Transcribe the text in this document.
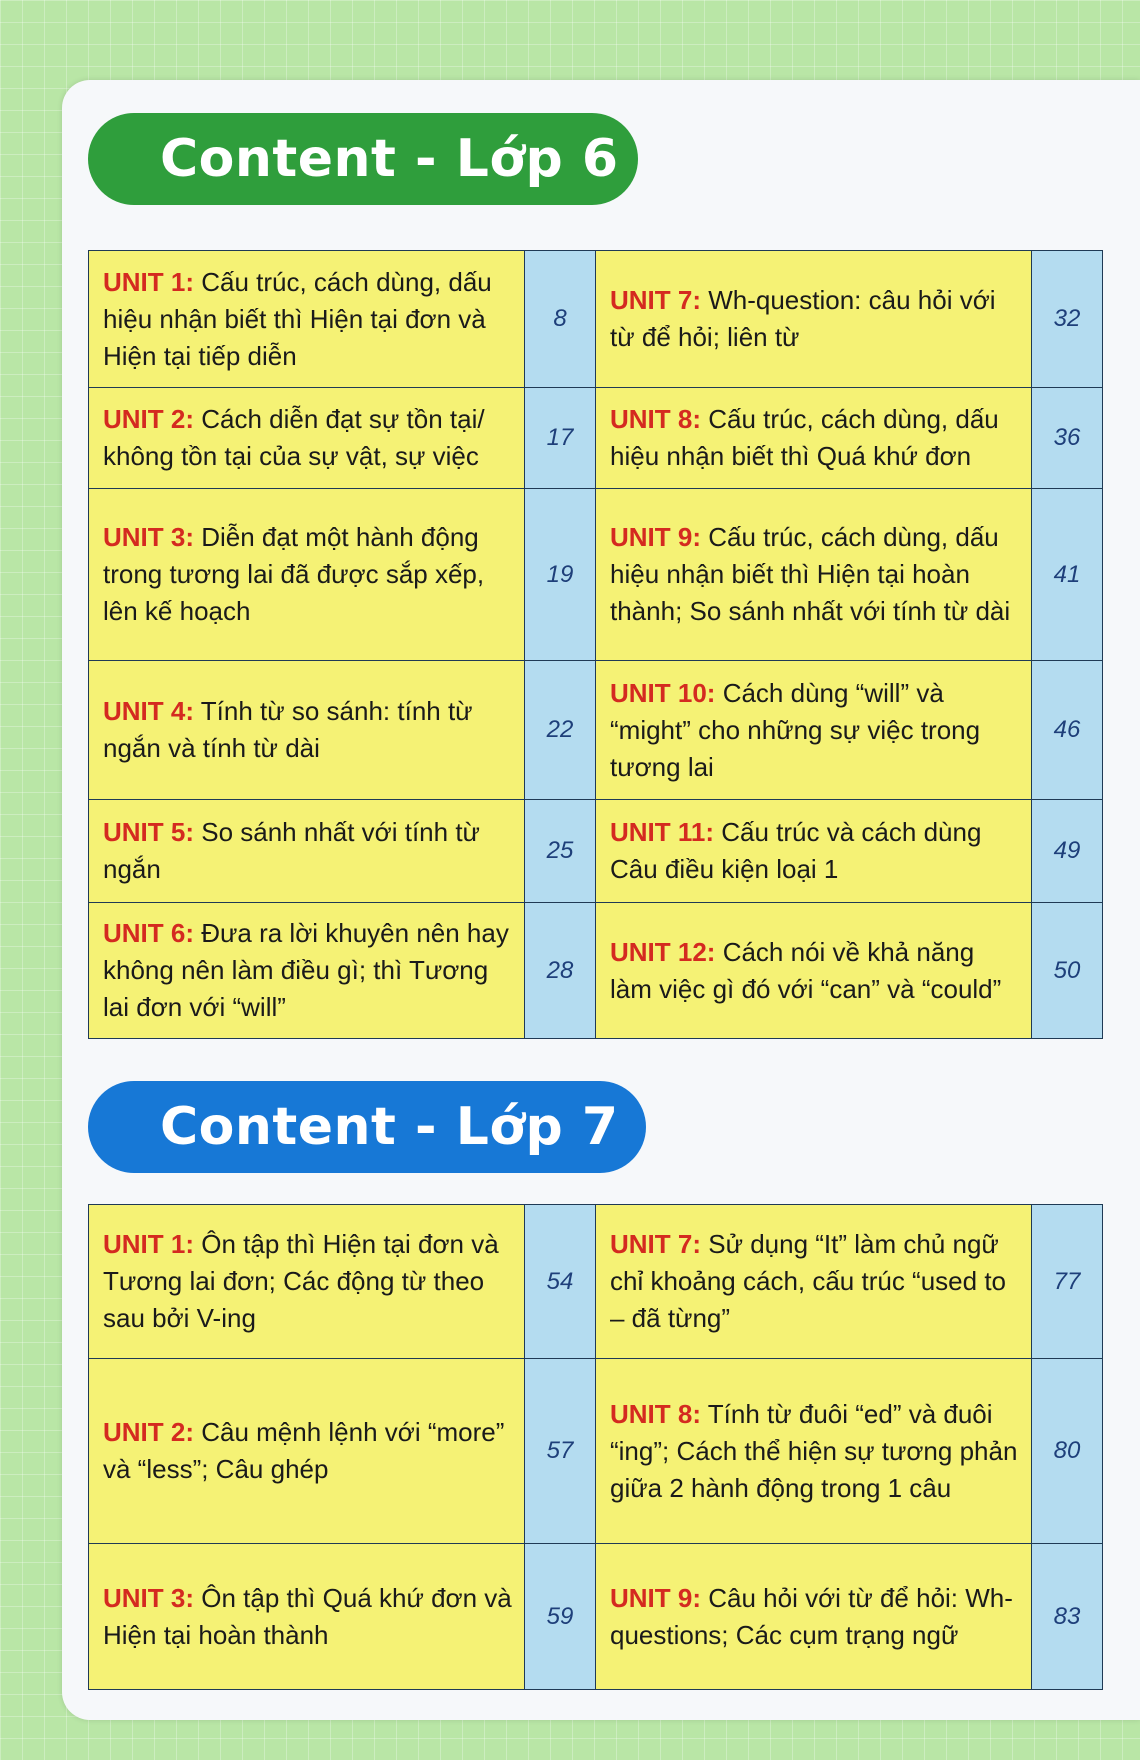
Content - Lớp 6
UNIT 1: Cấu trúc, cách dùng, dấu hiệu nhận biết thì Hiện tại đơn và Hiện tại tiếp diễn	8	UNIT 7: Wh-question: câu hỏi với từ để hỏi; liên từ	32
UNIT 2: Cách diễn đạt sự tồn tại/ không tồn tại của sự vật, sự việc	17	UNIT 8: Cấu trúc, cách dùng, dấu hiệu nhận biết thì Quá khứ đơn	36
UNIT 3: Diễn đạt một hành động trong tương lai đã được sắp xếp, lên kế hoạch	19	UNIT 9: Cấu trúc, cách dùng, dấu hiệu nhận biết thì Hiện tại hoàn thành; So sánh nhất với tính từ dài	41
UNIT 4: Tính từ so sánh: tính từ ngắn và tính từ dài	22	UNIT 10: Cách dùng “will” và “might” cho những sự việc trong tương lai	46
UNIT 5: So sánh nhất với tính từ ngắn	25	UNIT 11: Cấu trúc và cách dùng Câu điều kiện loại 1	49
UNIT 6: Đưa ra lời khuyên nên hay không nên làm điều gì; thì Tương lai đơn với “will”	28	UNIT 12: Cách nói về khả năng làm việc gì đó với “can” và “could”	50
Content - Lớp 7
UNIT 1: Ôn tập thì Hiện tại đơn và Tương lai đơn; Các động từ theo sau bởi V-ing	54	UNIT 7: Sử dụng “It” làm chủ ngữ chỉ khoảng cách, cấu trúc “used to – đã từng”	77
UNIT 2: Câu mệnh lệnh với “more” và “less”; Câu ghép	57	UNIT 8: Tính từ đuôi “ed” và đuôi “ing”; Cách thể hiện sự tương phản giữa 2 hành động trong 1 câu	80
UNIT 3: Ôn tập thì Quá khứ đơn và Hiện tại hoàn thành	59	UNIT 9: Câu hỏi với từ để hỏi: Wh-questions; Các cụm trạng ngữ	83
